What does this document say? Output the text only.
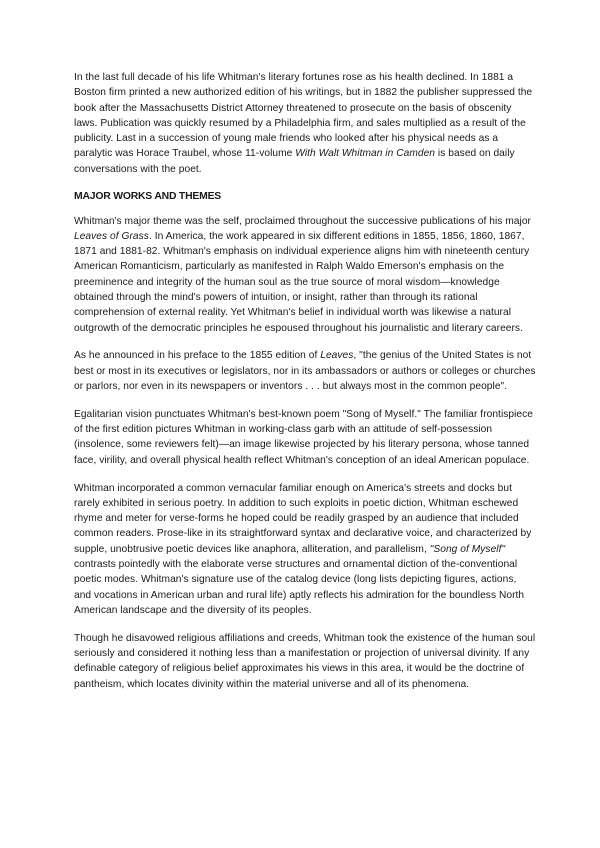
In the last full decade of his life Whitman's literary fortunes rose as his health declined. In 1881 a Boston firm printed a new authorized edition of his writings, but in 1882 the publisher suppressed the book after the Massachusetts District Attorney threatened to prosecute on the basis of obscenity laws. Publication was quickly resumed by a Philadelphia firm, and sales multiplied as a result of the publicity. Last in a succession of young male friends who looked after his physical needs as a paralytic was Horace Traubel, whose 11-volume With Walt Whitman in Camden is based on daily conversations with the poet.

MAJOR WORKS AND THEMES

Whitman's major theme was the self, proclaimed throughout the successive publications of his major Leaves of Grass. In America, the work appeared in six different editions in 1855, 1856, 1860, 1867, 1871 and 1881-82. Whitman's emphasis on individual experience aligns him with nineteenth century American Romanticism, particularly as manifested in Ralph Waldo Emerson's emphasis on the preeminence and integrity of the human soul as the true source of moral wisdom—knowledge obtained through the mind's powers of intuition, or insight, rather than through its rational comprehension of external reality. Yet Whitman's belief in individual worth was likewise a natural outgrowth of the democratic principles he espoused throughout his journalistic and literary careers.

As he announced in his preface to the 1855 edition of Leaves, "the genius of the United States is not best or most in its executives or legislators, nor in its ambassadors or authors or colleges or churches or parlors, nor even in its newspapers or inventors . . . but always most in the common people".

Egalitarian vision punctuates Whitman's best-known poem "Song of Myself." The familiar frontispiece of the first edition pictures Whitman in working-class garb with an attitude of self-possession (insolence, some reviewers felt)—an image likewise projected by his literary persona, whose tanned face, virility, and overall physical health reflect Whitman's conception of an ideal American populace.

Whitman incorporated a common vernacular familiar enough on America's streets and docks but rarely exhibited in serious poetry. In addition to such exploits in poetic diction, Whitman eschewed rhyme and meter for verse-forms he hoped could be readily grasped by an audience that included common readers. Prose-like in its straightforward syntax and declarative voice, and characterized by supple, unobtrusive poetic devices like anaphora, alliteration, and parallelism, "Song of Myself" contrasts pointedly with the elaborate verse structures and ornamental diction of the-conventional poetic modes. Whitman's signature use of the catalog device (long lists depicting figures, actions, and vocations in American urban and rural life) aptly reflects his admiration for the boundless North American landscape and the diversity of its peoples.

Though he disavowed religious affiliations and creeds, Whitman took the existence of the human soul seriously and considered it nothing less than a manifestation or projection of universal divinity. If any definable category of religious belief approximates his views in this area, it would be the doctrine of pantheism, which locates divinity within the material universe and all of its phenomena.
